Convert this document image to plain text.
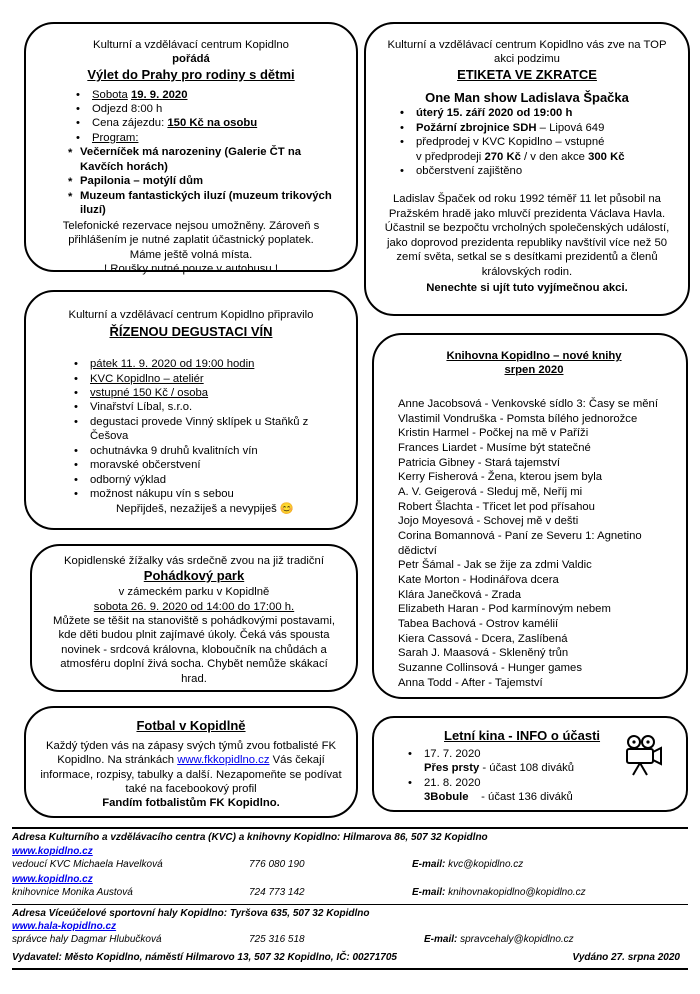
Kulturní a vzdělávací centrum Kopidlno
pořádá
Výlet do Prahy pro rodiny s dětmi
• Sobota 19. 9. 2020
• Odjezd 8:00 h
• Cena zájezdu: 150 Kč na osobu
• Program:
* Večerníček má narozeniny (Galerie ČT na Kavčích horách)
* Papilonia – motýlí dům
* Muzeum fantastických iluzí (muzeum trikových iluzí)
Telefonické rezervace nejsou umožněny. Zároveň s přihlášením je nutné zaplatit účastnický poplatek.
Máme ještě volná místa.
! Roušky nutné pouze v autobusu !
Kulturní a vzdělávací centrum Kopidlno vás zve na TOP akci podzimu
ETIKETA VE ZKRATCE
One Man show Ladislava Špačka
• úterý 15. září 2020 od 19:00 h
• Požární zbrojnice SDH – Lipová 649
• předprodej v KVC Kopidlno – vstupné
v předprodeji 270 Kč / v den akce 300 Kč
• občerstvení zajištěno
Ladislav Špaček od roku 1992 téměř 11 let působil na Pražském hradě jako mluvčí prezidenta Václava Havla. Účastnil se bezpočtu vrcholných společenských událostí, jako doprovod prezidenta republiky navštívil více než 50 zemí světa, setkal se s desítkami prezidentů a členů královských rodin.
Nenechte si ujít tuto vyjímečnou akci.
Kulturní a vzdělávací centrum Kopidlno připravilo
ŘÍZENOU DEGUSTACI VÍN
• pátek 11. 9. 2020 od 19:00 hodin
• KVC Kopidlno – ateliér
• vstupné 150 Kč / osoba
• Vinařství Líbal, s.r.o.
• degustaci provede Vinný sklípek u Staňků z Češova
• ochutnávka 9 druhů kvalitních vín
• moravské občerstvení
• odborný výklad
• možnost nákupu vín s sebou
Nepřijdeš, nezažiješ a nevypiješ 😊
Knihovna Kopidlno – nové knihy
srpen 2020
Anne Jacobsová - Venkovské sídlo 3: Časy se mění
Vlastimil Vondruška - Pomsta bílého jednorožce
Kristin Harmel - Počkej na mě v Paříži
Frances Liardet - Musíme být statečné
Patricia Gibney - Stará tajemství
Kerry Fisherová - Žena, kterou jsem byla
A. V. Geigerová - Sleduj mě, Neříj mi
Robert Šlachta - Třicet let pod přísahou
Jojo Moyesová - Schovej mě v dešti
Corina Bomannová - Paní ze Severu 1: Agnetino dědictví
Petr Šámal - Jak se žije za zdmi Valdic
Kate Morton - Hodinářova dcera
Klára Janečková - Zrada
Elizabeth Haran - Pod karmínovým nebem
Tabea Bachová - Ostrov kamélií
Kiera Cassová - Dcera, Zaslíbená
Sarah J. Maasová - Skleněný trůn
Suzanne Collinsová - Hunger games
Anna Todd - After - Tajemství
Kopidlenské žížalky vás srdečně zvou na již tradiční
Pohádkový park
v zámeckém parku v Kopidlně
sobota 26. 9. 2020 od 14:00 do 17:00 h.
Můžete se těšit na stanoviště s pohádkovými postavami, kde děti budou plnit zajímavé úkoly. Čeká vás spousta novinek - srdcová královna, kloboučník na chůdách a atmosféru doplní živá socha. Chybět nemůže skákací hrad.
Fotbal v Kopidlně
Každý týden vás na zápasy svých týmů zvou fotbalisté FK Kopidlno. Na stránkách www.fkkopidlno.cz Vás čekají informace, rozpisy, tabulky a další. Nezapomeňte se podívat také na facebookový profil
Fandím fotbalistům FK Kopidlno.
Letní kina - INFO o účasti
• 17. 7. 2020
Přes prsty - účast 108 diváků
• 21. 8. 2020
3Bobule    - účast 136 diváků
Adresa Kulturního a vzdělávacího centra (KVC) a knihovny Kopidlno: Hilmarova 86, 507 32 Kopidlno
www.kopidlno.cz
vedoucí KVC Michaela Havelková	776 080 190	E-mail: kvc@kopidlno.cz
www.kopidlno.cz
knihovnice Monika Austová	724 773 142	E-mail: knihovnakopidlno@kopidlno.cz
Adresa Víceúčelové sportovní haly Kopidlno: Tyršova 635, 507 32 Kopidlno
www.hala-kopidlno.cz
správce haly Dagmar Hlubučková	725 316 518	E-mail: spravcehaly@kopidlno.cz
Vydavatel: Město Kopidlno, náměstí Hilmarovo 13, 507 32 Kopidlno, IČ: 00271705	Vydáno 27. srpna 2020
